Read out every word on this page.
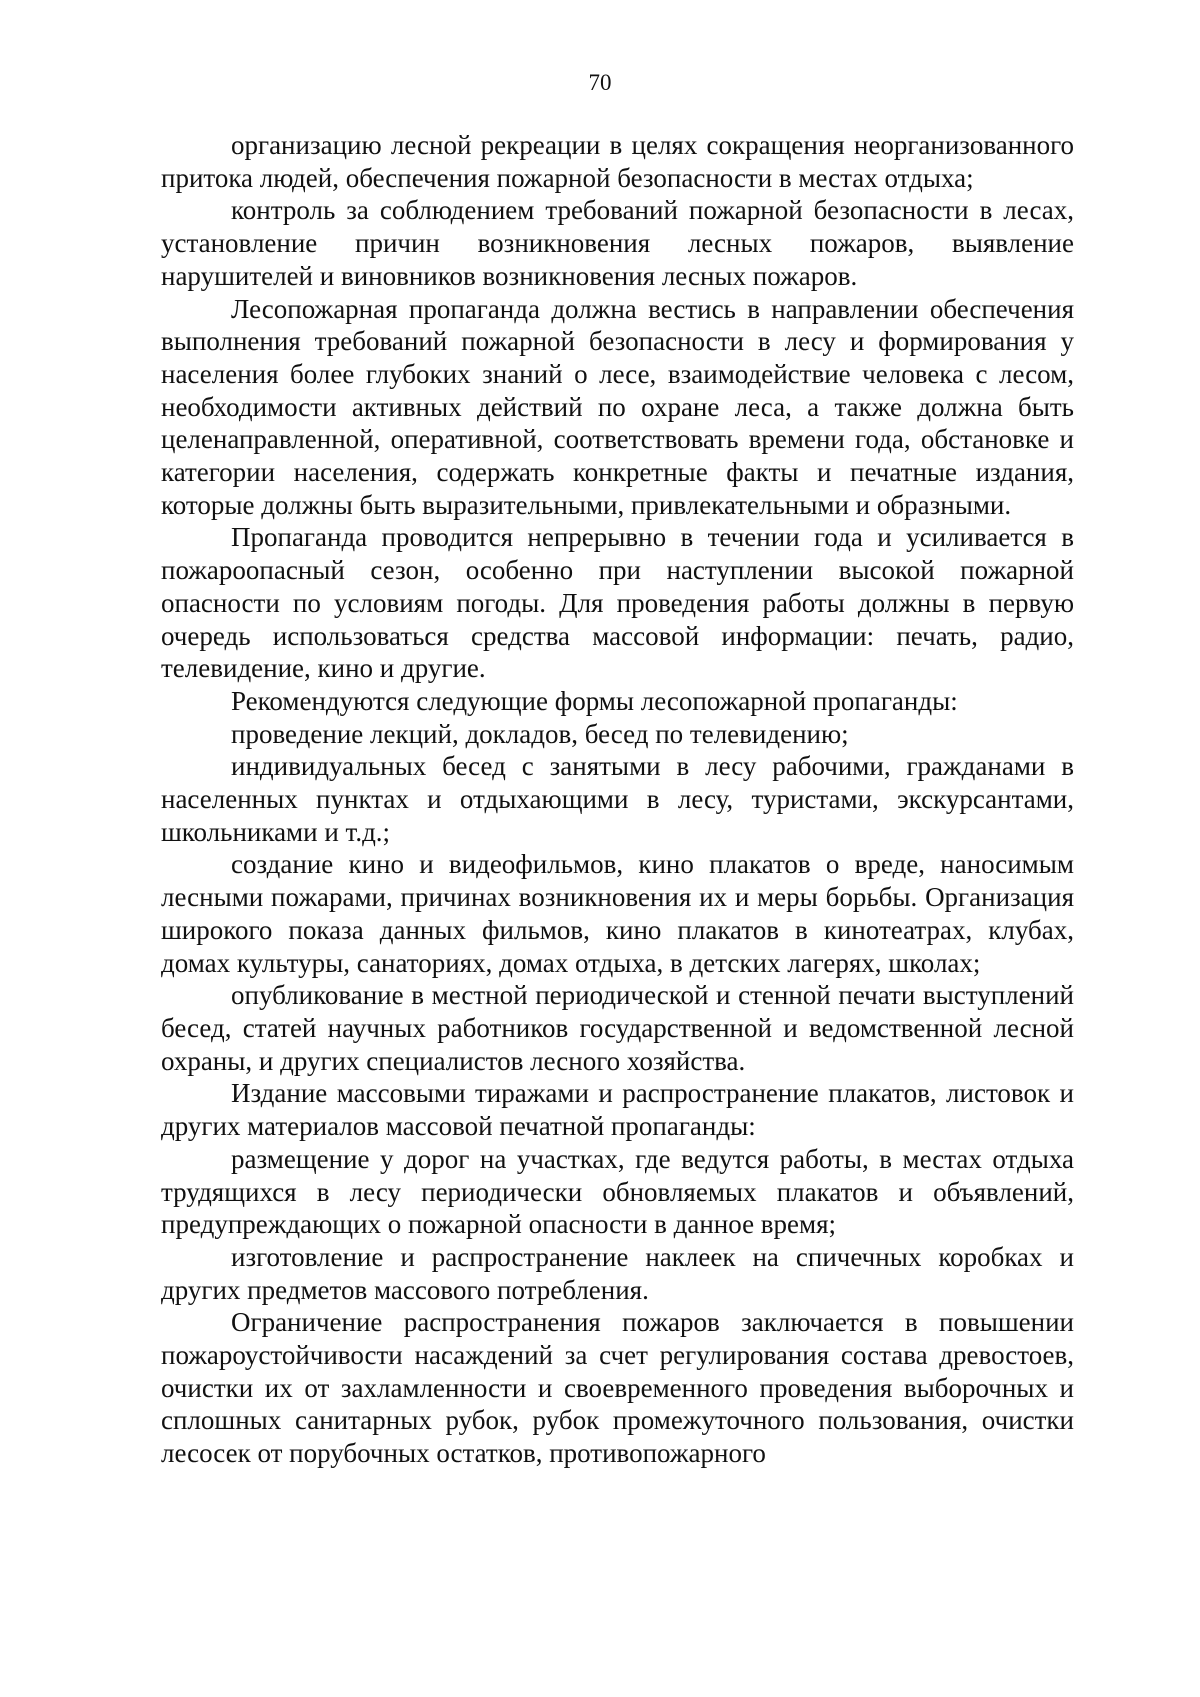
70

организацию лесной рекреации в целях сокращения неорганизованного притока людей, обеспечения пожарной безопасности в местах отдыха;

контроль за соблюдением требований пожарной безопасности в лесах, установление причин возникновения лесных пожаров, выявление нарушителей и виновников возникновения лесных пожаров.

Лесопожарная пропаганда должна вестись в направлении обеспечения выполнения требований пожарной безопасности в лесу и формирования у населения более глубоких знаний о лесе, взаимодействие человека с лесом, необходимости активных действий по охране леса, а также должна быть целенаправленной, оперативной, соответствовать времени года, обстановке и категории населения, содержать конкретные факты и печатные издания, которые должны быть выразительными, привлекательными и образными.

Пропаганда проводится непрерывно в течении года и усиливается в пожароопасный сезон, особенно при наступлении высокой пожарной опасности по условиям погоды. Для проведения работы должны в первую очередь использоваться средства массовой информации: печать, радио, телевидение, кино и другие.

Рекомендуются следующие формы лесопожарной пропаганды:

проведение лекций, докладов, бесед по телевидению;

индивидуальных бесед с занятыми в лесу рабочими, гражданами в населенных пунктах и отдыхающими в лесу, туристами, экскурсантами, школьниками и т.д.;

создание кино и видеофильмов, кино плакатов о вреде, наносимым лесными пожарами, причинах возникновения их и меры борьбы. Организация широкого показа данных фильмов, кино плакатов в кинотеатрах, клубах, домах культуры, санаториях, домах отдыха, в детских лагерях, школах;

опубликование в местной периодической и стенной печати выступлений бесед, статей научных работников государственной и ведомственной лесной охраны, и других специалистов лесного хозяйства.

Издание массовыми тиражами и распространение плакатов, листовок и других материалов массовой печатной пропаганды:

размещение у дорог на участках, где ведутся работы, в местах отдыха трудящихся в лесу периодически обновляемых плакатов и объявлений, предупреждающих о пожарной опасности в данное время;

изготовление и распространение наклеек на спичечных коробках и других предметов массового потребления.

Ограничение распространения пожаров заключается в повышении пожароустойчивости насаждений за счет регулирования состава древостоев, очистки их от захламленности и своевременного проведения выборочных и сплошных санитарных рубок, рубок промежуточного пользования, очистки лесосек от порубочных остатков, противопожарного
